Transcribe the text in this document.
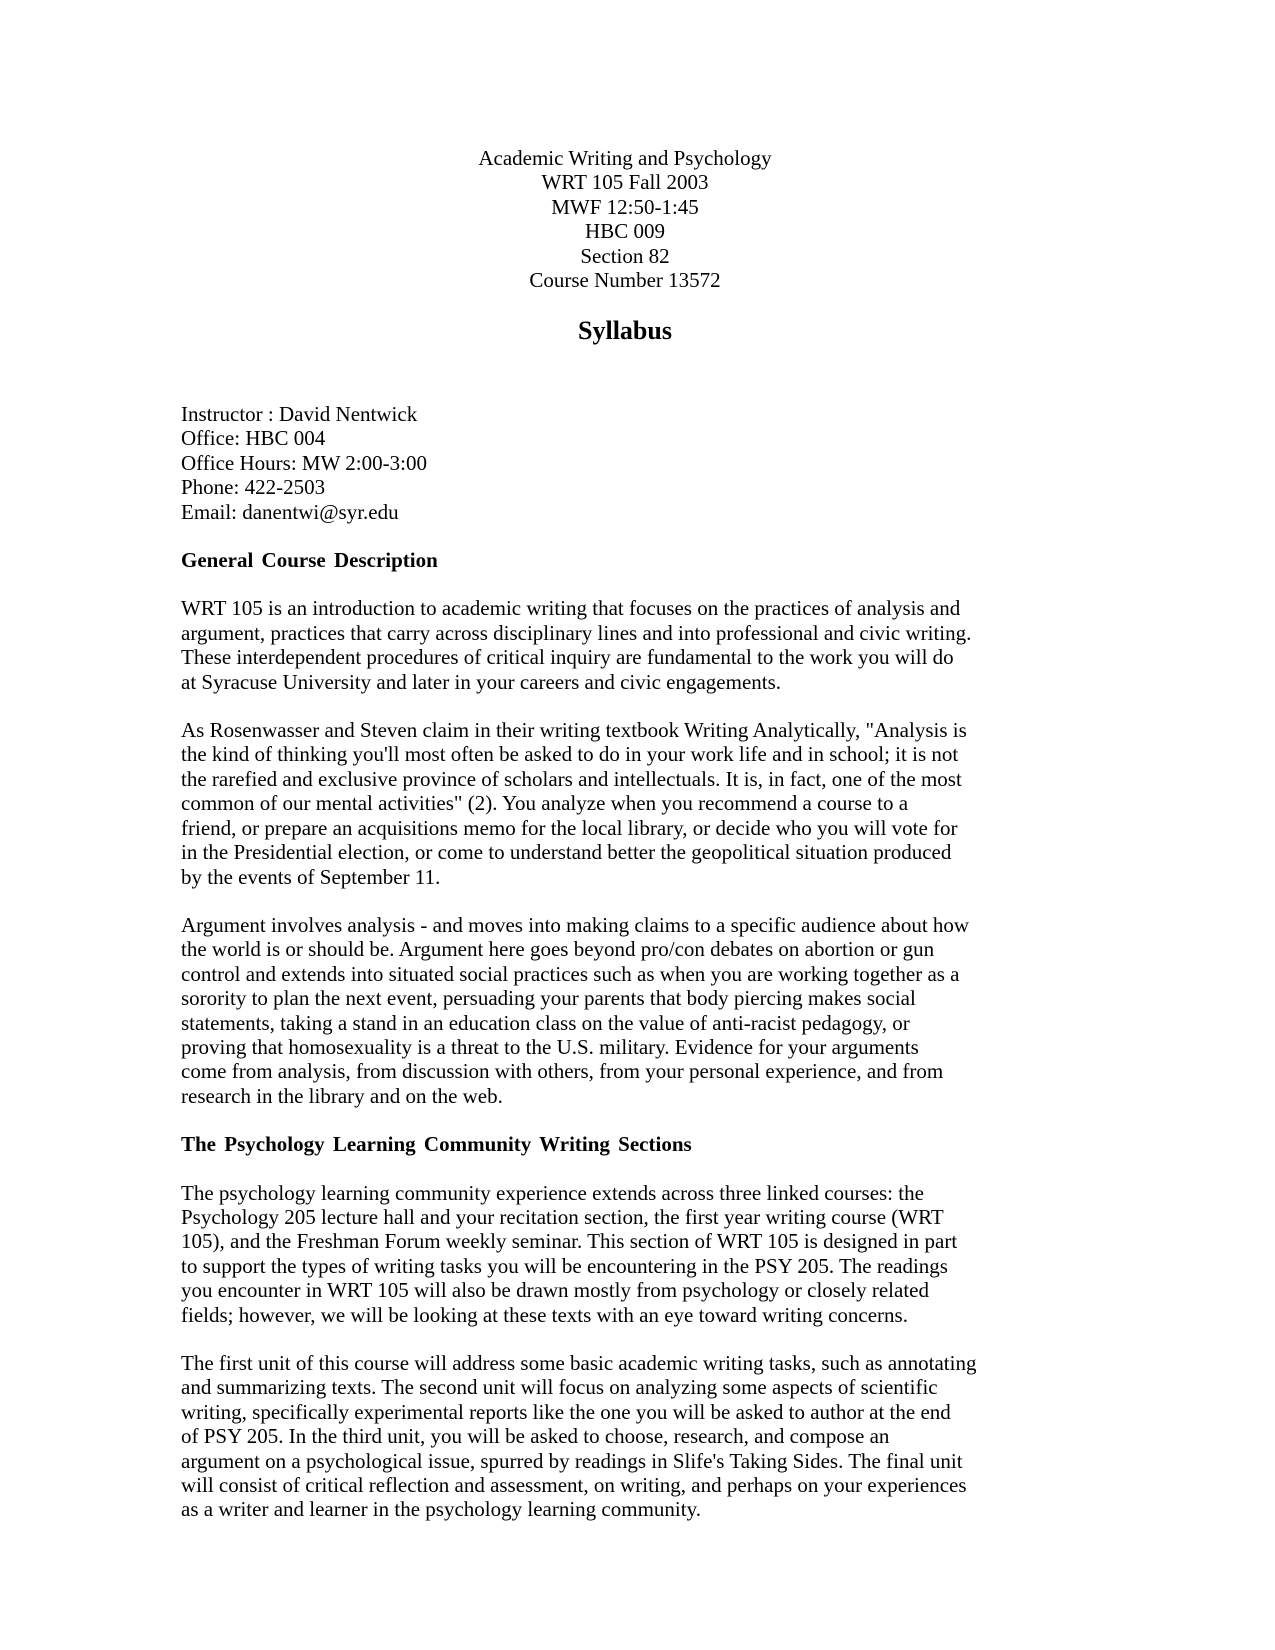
Academic Writing and Psychology
WRT 105 Fall 2003
MWF 12:50-1:45
HBC 009
Section 82
Course Number 13572
Syllabus
Instructor : David Nentwick
Office: HBC 004
Office Hours: MW 2:00-3:00
Phone: 422-2503
Email: danentwi@syr.edu
General Course Description
WRT 105 is an introduction to academic writing that focuses on the practices of analysis and
argument, practices that carry across disciplinary lines and into professional and civic writing.
These interdependent procedures of critical inquiry are fundamental to the work you will do
at Syracuse University and later in your careers and civic engagements.
As Rosenwasser and Steven claim in their writing textbook Writing Analytically, "Analysis is
the kind of thinking you'll most often be asked to do in your work life and in school; it is not
the rarefied and exclusive province of scholars and intellectuals. It is, in fact, one of the most
common of our mental activities" (2). You analyze when you recommend a course to a
friend, or prepare an acquisitions memo for the local library, or decide who you will vote for
in the Presidential election, or come to understand better the geopolitical situation produced
by the events of September 11.
Argument involves analysis - and moves into making claims to a specific audience about how
the world is or should be. Argument here goes beyond pro/con debates on abortion or gun
control and extends into situated social practices such as when you are working together as a
sorority to plan the next event, persuading your parents that body piercing makes social
statements, taking a stand in an education class on the value of anti-racist pedagogy, or
proving that homosexuality is a threat to the U.S. military. Evidence for your arguments
come from analysis, from discussion with others, from your personal experience, and from
research in the library and on the web.
The Psychology Learning Community Writing Sections
The psychology learning community experience extends across three linked courses: the
Psychology 205 lecture hall and your recitation section, the first year writing course (WRT
105), and the Freshman Forum weekly seminar. This section of WRT 105 is designed in part
to support the types of writing tasks you will be encountering in the PSY 205. The readings
you encounter in WRT 105 will also be drawn mostly from psychology or closely related
fields; however, we will be looking at these texts with an eye toward writing concerns.
The first unit of this course will address some basic academic writing tasks, such as annotating
and summarizing texts. The second unit will focus on analyzing some aspects of scientific
writing, specifically experimental reports like the one you will be asked to author at the end
of PSY 205. In the third unit, you will be asked to choose, research, and compose an
argument on a psychological issue, spurred by readings in Slife's Taking Sides. The final unit
will consist of critical reflection and assessment, on writing, and perhaps on your experiences
as a writer and learner in the psychology learning community.
